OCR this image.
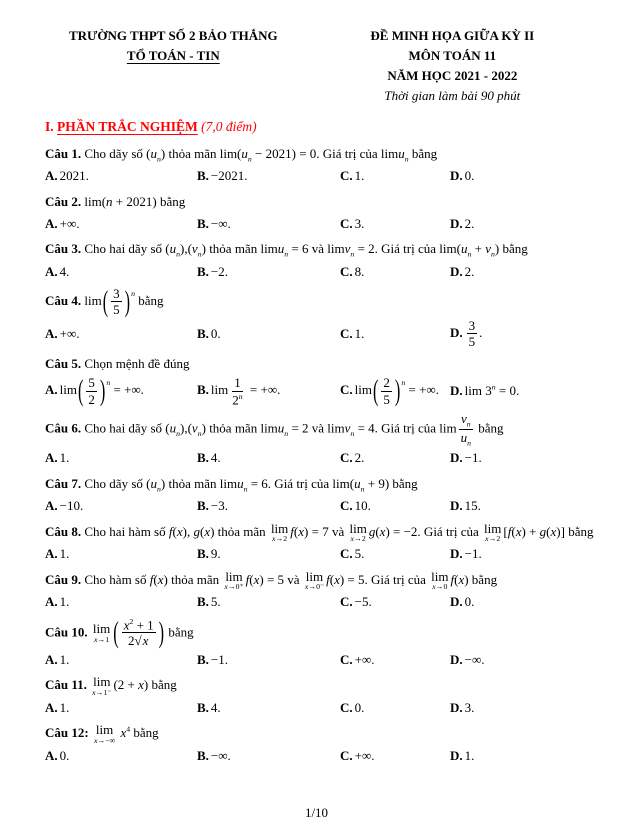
TRƯỜNG THPT SỐ 2 BẢO THẮNG
TỔ TOÁN - TIN
ĐỀ MINH HỌA GIỮA KỲ II
MÔN TOÁN 11
NĂM HỌC 2021 - 2022
Thời gian làm bài 90 phút
I. PHẦN TRẮC NGHIỆM (7,0 điểm)
Câu 1. Cho dãy số $(u_n)$ thỏa mãn $\lim(u_n - 2021) = 0$. Giá trị của limu$_n$ bằng
A. 2021.	B. −2021.	C. 1.	D. 0.
Câu 2. lim(n + 2021) bằng
A. +∞.	B. −∞.	C. 3.	D. 2.
Câu 3. Cho hai dãy số $(u_n),(v_n)$ thỏa mãn limu$_n$ = 6 và limv$_n$ = 2. Giá trị của $\lim(u_n + v_n)$ bằng
A. 4.	B. −2.	C. 8.	D. 2.
Câu 4. lim ( $\frac{3}{5}$ ) $^n$ bằng
A. +∞.	B. 0.	C. 1.	D. $\frac{3}{5}$ .
Câu 5. Chọn mệnh đề đúng
A. lim ( $\frac{5}{2}$ ) $^n$ = +∞.	B. $\lim \frac{1}{2^n}$ = +∞.	C. lim ( $\frac{2}{5}$ ) $^n$ = +∞. D. $\lim 3^n = 0$.
Câu 6. Cho hai dãy số $(u_n),(v_n)$ thỏa mãn limu$_n$ = 2 và limv$_n$ = 4. Giá trị của $\lim \frac{v_n}{u_n}$ bằng
A. 1.	B. 4.	C. 2.	D. −1.
Câu 7. Cho dãy số $(u_n)$ thỏa mãn limu$_n$ = 6. Giá trị của $\lim(u_n + 9)$ bằng
A. −10.	B. −3.	C. 10.	D. 15.
Câu 8. Cho hai hàm số f(x), g(x) thỏa mãn lim
x→2
f(x) = 7 và lim
x→2
g(x) = −2. Giá trị của lim
x→2
[f(x) + g(x)] bằng
A. 1.	B. 9.	C. 5.	D. −1.
Câu 9. Cho hàm số f(x) thỏa mãn lim
x→0⁺
f(x) = 5 và lim
x→0⁻
f(x) = 5. Giá trị của lim
x→0
f(x) bằng
A. 1.	B. 5.	C. −5.	D. 0.
Câu 10. lim
x→1 ( $\frac{x^2 + 1}{2√x}$ ) bằng
A. 1.	B. −1.	C. +∞.	D. −∞.
Câu 11. lim
x→1⁻
(2 + x) bằng
A. 1.	B. 4.	C. 0.	D. 3.
Câu 12: lim
x→−∞
$x^4$ bằng
A. 0.	B. −∞.	C. +∞.	D. 1.
1/10
